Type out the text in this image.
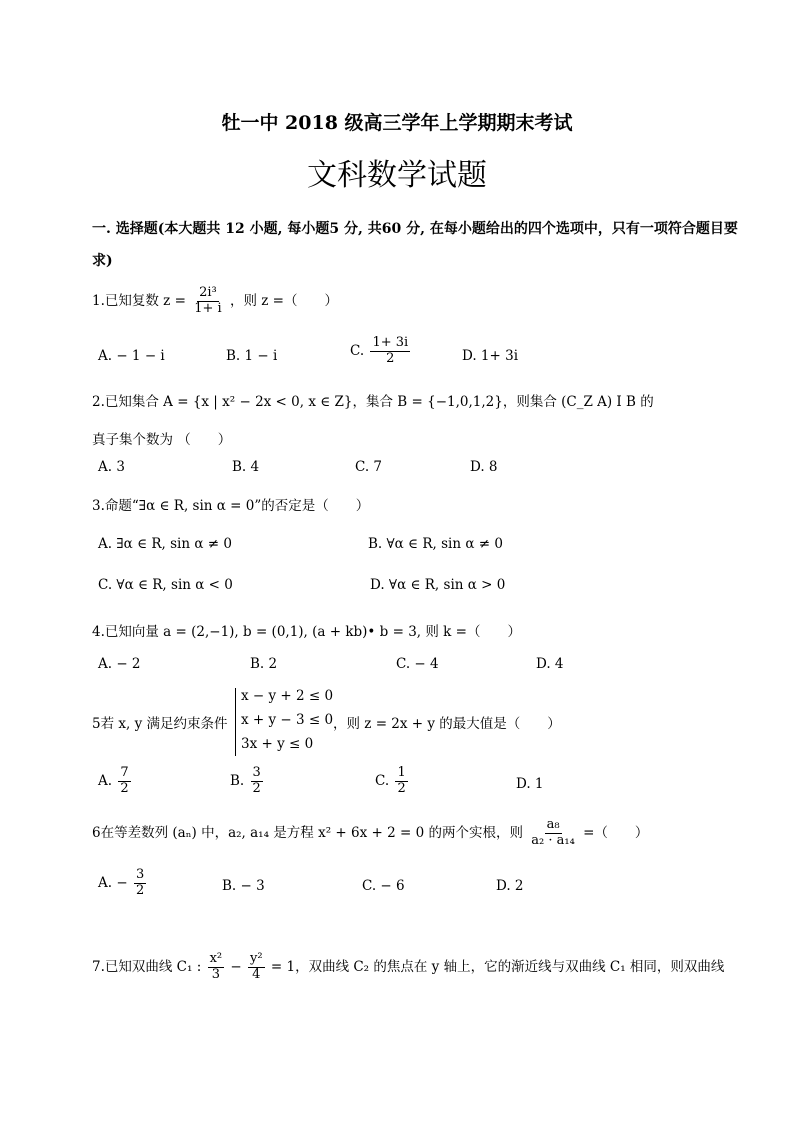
牡一中 2018 级高三学年上学期期末考试
文科数学试题
一. 选择题(本大题共 12 小题, 每小题5 分, 共60 分, 在每小题给出的四个选项中，只有一项符合题目要
求)
1.已知复数 $z = \frac{\text{2i³}}{1+ i}$ ，则 z =（　　）
A. − 1 − i	B. 1 − i	C. $\frac{1+ 3i}{2}$	D. 1+ 3i
2.已知集合 A = {x | x² − 2x < 0, x ∈ Z}，集合 B = {−1,0,1,2}，则集合 (C_Z A) I B 的
真子集个数为 （　　）
A. 3	B. 4	C. 7	D. 8
3.命题“∃α ∈ R, sin α = 0”的否定是（　　）
A. ∃α ∈ R, sin α ≠ 0	B. ∀α ∈ R, sin α ≠ 0
C. ∀α ∈ R, sin α < 0	D. ∀α ∈ R, sin α > 0
4.已知向量 a = (2,−1), b = (0,1), (a + kb)• b = 3, 则 k =（　　）
A. − 2	B. 2	C. − 4	D. 4
5若 x, y 满足约束条件
x − y + 2 ≤ 0
x + y − 3 ≤ 0
3x + y ≤ 0
，则 z = 2x + y 的最大值是（　　）
A. $\frac{7}{2}$	B. $\frac{3}{2}$	C. $\frac{1}{2}$	D. 1
6在等差数列 (aₙ) 中，a₂, a₁₄ 是方程 x² + 6x + 2 = 0 的两个实根，则 $\frac{\text{a₈}}{\text{a₂ · a₁₄}}$ =（　　）
A. − $\frac{3}{2}$	B. − 3	C. − 6	D. 2
7.已知双曲线 C₁ : $\frac{\text{x²}}{3} - \frac{\text{y²}}{4} = 1$，双曲线 C₂ 的焦点在 y 轴上，它的渐近线与双曲线 C₁ 相同，则双曲线
